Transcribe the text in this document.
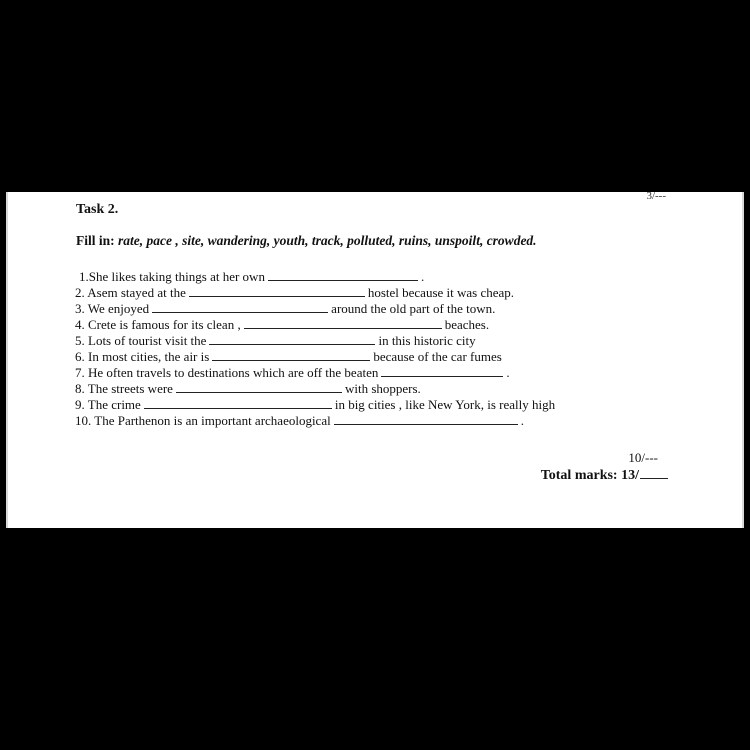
3/---
Task 2.
Fill in: rate, pace , site, wandering, youth, track, polluted, ruins, unspoilt, crowded.
1.She likes taking things at her own	.
2. Asem stayed at the	hostel because it was cheap.
3. We enjoyed	around the old part of the town.
4. Crete is famous for its clean ,	beaches.
5. Lots of tourist visit the	in this historic city
6. In most cities, the air is	because of the car fumes
7. He often travels to destinations which are off the beaten	.
8. The streets were	with shoppers.
9. The crime	in big cities , like New York, is really high
10. The Parthenon is an important archaeological	.
10/---
Total marks: 13/
